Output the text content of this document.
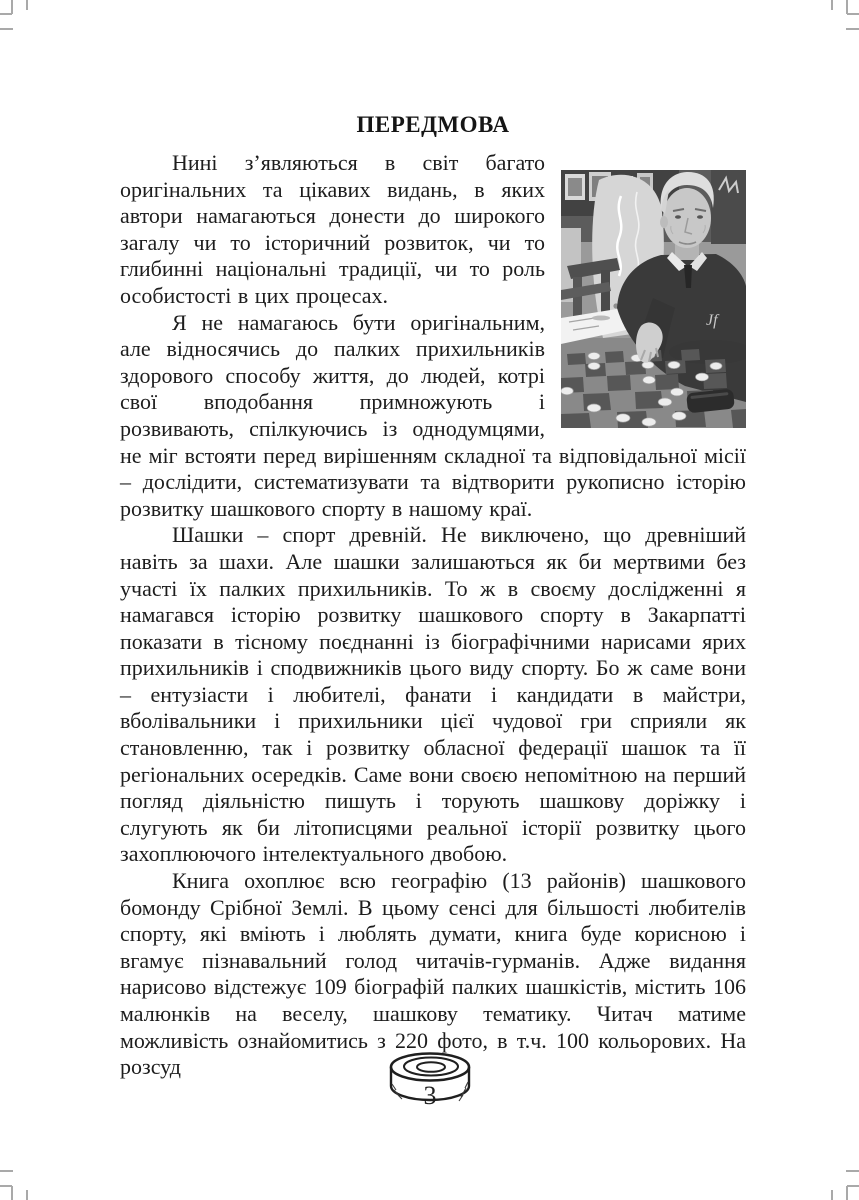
ПЕРЕДМОВА
Jf

Нині з’являються в світ багато оригінальних та цікавих видань, в яких автори намагаються донести до широкого загалу чи то історичний розвиток, чи то глибинні національні традиції, чи то роль особистості в цих процесах.

Я не намагаюсь бути оригінальним, але відносячись до палких прихильників здорового способу життя, до людей, котрі свої вподобання примножують і розвивають, спілкуючись із однодумцями, не міг встояти перед вирішенням складної та відповідальної місії – дослідити, систематизувати та відтворити рукописно історію розвитку шашкового спорту в нашому краї.

Шашки – спорт древній. Не виключено, що древніший навіть за шахи. Але шашки залишаються як би мертвими без участі їх палких прихильників. То ж в своєму дослідженні я намагався історію розвитку шашкового спорту в Закарпатті показати в тісному поєднанні із біографічними нарисами ярих прихильників і сподвижників цього виду спорту. Бо ж саме вони – ентузіасти і любителі, фанати і кандидати в майстри, вболівальники і прихильники цієї чудової гри сприяли як становленню, так і розвитку обласної федерації шашок та її регіональних осередків. Саме вони своєю непомітною на перший погляд діяльністю пишуть і торують шашкову доріжку і слугують як би літописцями реальної історії розвитку цього захоплюючого інтелектуального двобою.

Книга охоплює всю географію (13 районів) шашкового бомонду Срібної Землі. В цьому сенсі для більшості любителів спорту, які вміють і люблять думати, книга буде корисною і вгамує пізнавальний голод читачів-гурманів. Адже видання нарисово відстежує 109 біографій палких шашкістів, містить 106 малюнків на веселу, шашкову тематику. Читач матиме можливість ознайомитись з 220 фото, в т.ч. 100 кольорових. На розсуд

3
